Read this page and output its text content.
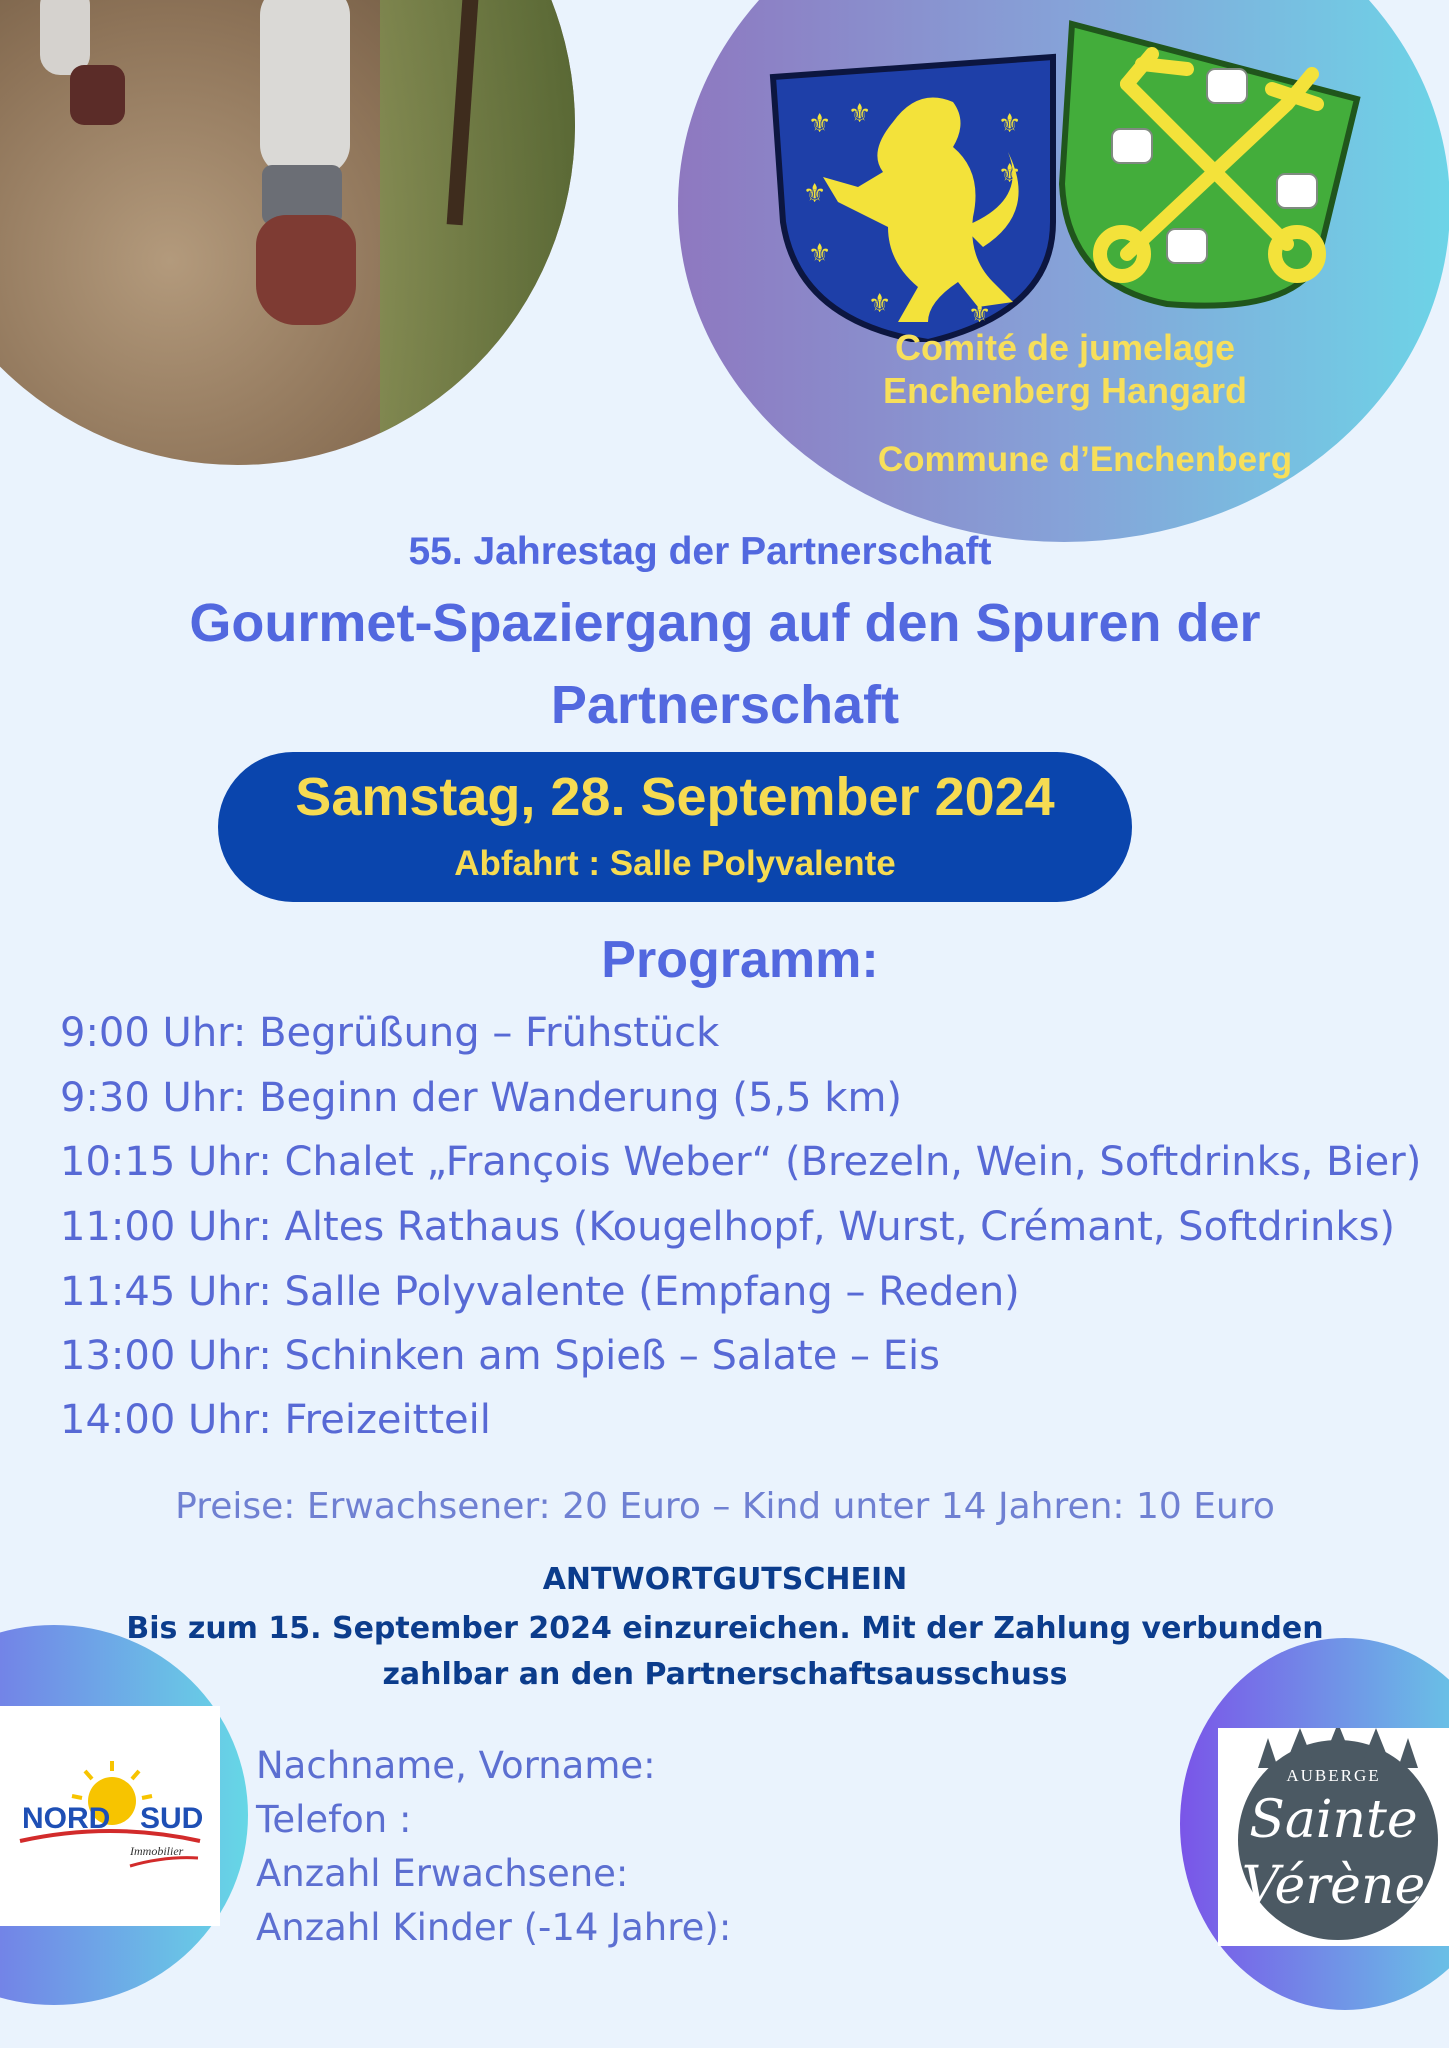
⚜ ⚜
⚜
⚜
⚜
⚜
⚜	⚜
Comité de jumelage
Enchenberg Hangard
Commune d’Enchenberg
55. Jahrestag der Partnerschaft
Gourmet-Spaziergang auf den Spuren der
Partnerschaft
Samstag, 28. September 2024
Abfahrt : Salle Polyvalente
Programm:
9:00 Uhr: Begrüßung – Frühstück
9:30 Uhr: Beginn der Wanderung (5,5 km)
10:15 Uhr: Chalet „François Weber“ (Brezeln, Wein, Softdrinks, Bier)
11:00 Uhr: Altes Rathaus (Kougelhopf, Wurst, Crémant, Softdrinks)
11:45 Uhr: Salle Polyvalente (Empfang – Reden)
13:00 Uhr: Schinken am Spieß – Salate – Eis
14:00 Uhr: Freizeitteil
Preise: Erwachsener: 20 Euro – Kind unter 14 Jahren: 10 Euro
ANTWORTGUTSCHEIN
Bis zum 15. September 2024 einzureichen. Mit der Zahlung verbunden
zahlbar an den Partnerschaftsausschuss
Nachname, Vorname:
Telefon :
Anzahl Erwachsene:
Anzahl Kinder (-14 Jahre):
NORD SUD
Immobilier
AUBERGE
Sainte
Vérène
